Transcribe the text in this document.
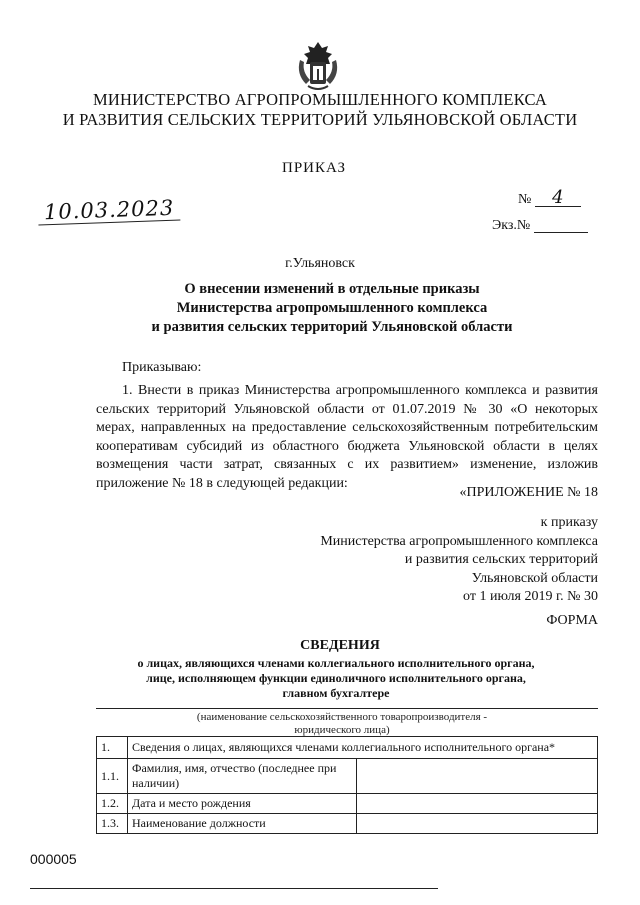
МИНИСТЕРСТВО АГРОПРОМЫШЛЕННОГО КОМПЛЕКСА
И РАЗВИТИЯ СЕЛЬСКИХ ТЕРРИТОРИЙ УЛЬЯНОВСКОЙ ОБЛАСТИ
ПРИКАЗ
10.03.2023	№ 4
Экз.№
г.Ульяновск
О внесении изменений в отдельные приказы
Министерства агропромышленного комплекса
и развития сельских территорий Ульяновской области
Приказываю:
1. Внести в приказ Министерства агропромышленного комплекса и развития сельских территорий Ульяновской области от 01.07.2019 № 30 «О некоторых мерах, направленных на предоставление сельскохозяйственным потребительским кооперативам субсидий из областного бюджета Ульяновской области в целях возмещения части затрат, связанных с их развитием» изменение, изложив приложение № 18 в следующей редакции:
«ПРИЛОЖЕНИЕ № 18
к приказу
Министерства агропромышленного комплекса
и развития сельских территорий
Ульяновской области
от 1 июля 2019 г. № 30
ФОРМА
СВЕДЕНИЯ
о лицах, являющихся членами коллегиального исполнительного органа,
лице, исполняющем функции единоличного исполнительного органа,
главном бухгалтере
(наименование сельскохозяйственного товаропроизводителя -
юридического лица)
1.	Сведения о лицах, являющихся членами коллегиального исполнительного органа*	
1.1.	Фамилия, имя, отчество (последнее при наличии)	
1.2.	Дата и место рождения	
1.3.	Наименование должности	
000005
